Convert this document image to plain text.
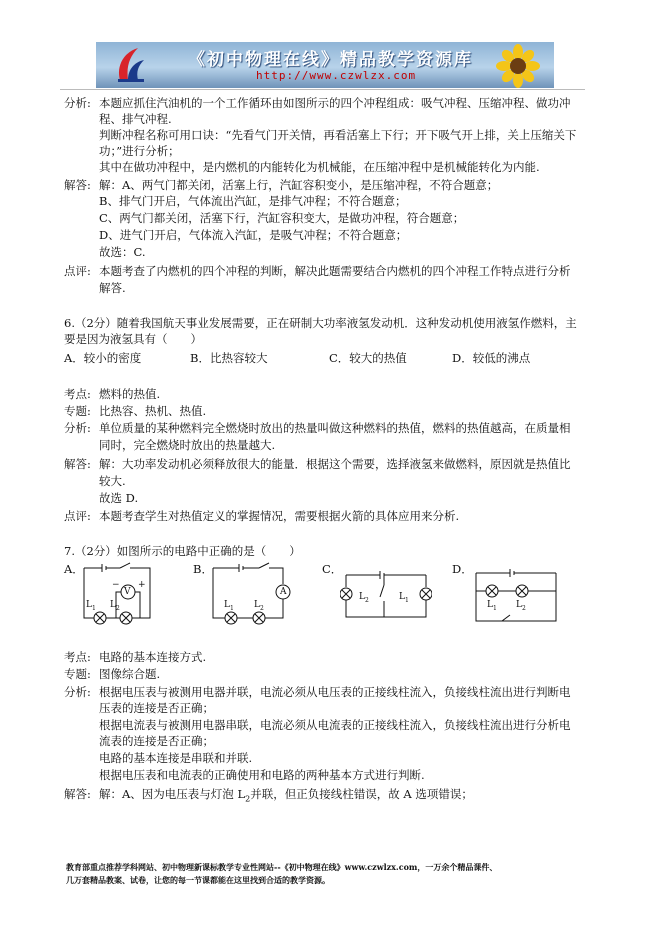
《初中物理在线》精品教学资源库
http://www.czwlzx.com
分析: 本题应抓住汽油机的一个工作循环由如图所示的四个冲程组成：吸气冲程、压缩冲程、做功冲
程、排气冲程.
判断冲程名称可用口诀：“先看气门开关情，再看活塞上下行；开下吸气开上排，关上压缩关下
功；”进行分析；
其中在做功冲程中，是内燃机的内能转化为机械能，在压缩冲程中是机械能转化为内能.
解答: 解：A、两气门都关闭，活塞上行，汽缸容积变小，是压缩冲程，不符合题意；
B、排气门开启，气体流出汽缸，是排气冲程；不符合题意；
C、两气门都关闭，活塞下行，汽缸容积变大，是做功冲程，符合题意；
D、进气门开启，气体流入汽缸，是吸气冲程；不符合题意；
故选：C.
点评: 本题考查了内燃机的四个冲程的判断，解决此题需要结合内燃机的四个冲程工作特点进行分析
解答.
6.（2分）随着我国航天事业发展需要，正在研制大功率液氢发动机．这种发动机使用液氢作燃料，主
要是因为液氢具有（　　）
A．较小的密度	B．比热容较大	C．较大的热值	D．较低的沸点
考点: 燃料的热值.
专题: 比热容、热机、热值.
分析: 单位质量的某种燃料完全燃烧时放出的热量叫做这种燃料的热值，燃料的热值越高，在质量相
同时，完全燃烧时放出的热量越大.
解答: 解：大功率发动机必须释放很大的能量．根据这个需要，选择液氢来做燃料，原因就是热值比
较大.
故选 D.
点评: 本题考查学生对热值定义的掌握情况，需要根据火箭的具体应用来分析.
7.（2分）如图所示的电路中正确的是（　　）
A．	B．	C．	D．
V
− +
$L_1$ $L_2$
A
$L_1$ $L_2$
$L_2$	$L_1$	$L_1$ $L_2$
考点: 电路的基本连接方式.
专题: 图像综合题.
分析: 根据电压表与被测用电器并联，电流必须从电压表的正接线柱流入，负接线柱流出进行判断电
压表的连接是否正确；
根据电流表与被测用电器串联，电流必须从电流表的正接线柱流入，负接线柱流出进行分析电
流表的连接是否正确；
电路的基本连接是串联和并联.
根据电压表和电流表的正确使用和电路的两种基本方式进行判断.
解答: 解：A、因为电压表与灯泡 $L_2$并联，但正负接线柱错误，故 A 选项错误；
教育部重点推荐学科网站、初中物理新课标教学专业性网站--《初中物理在线》www.czwlzx.com，一万余个精品课件、
几万套精品教案、试卷，让您的每一节课都能在这里找到合适的教学资源。
